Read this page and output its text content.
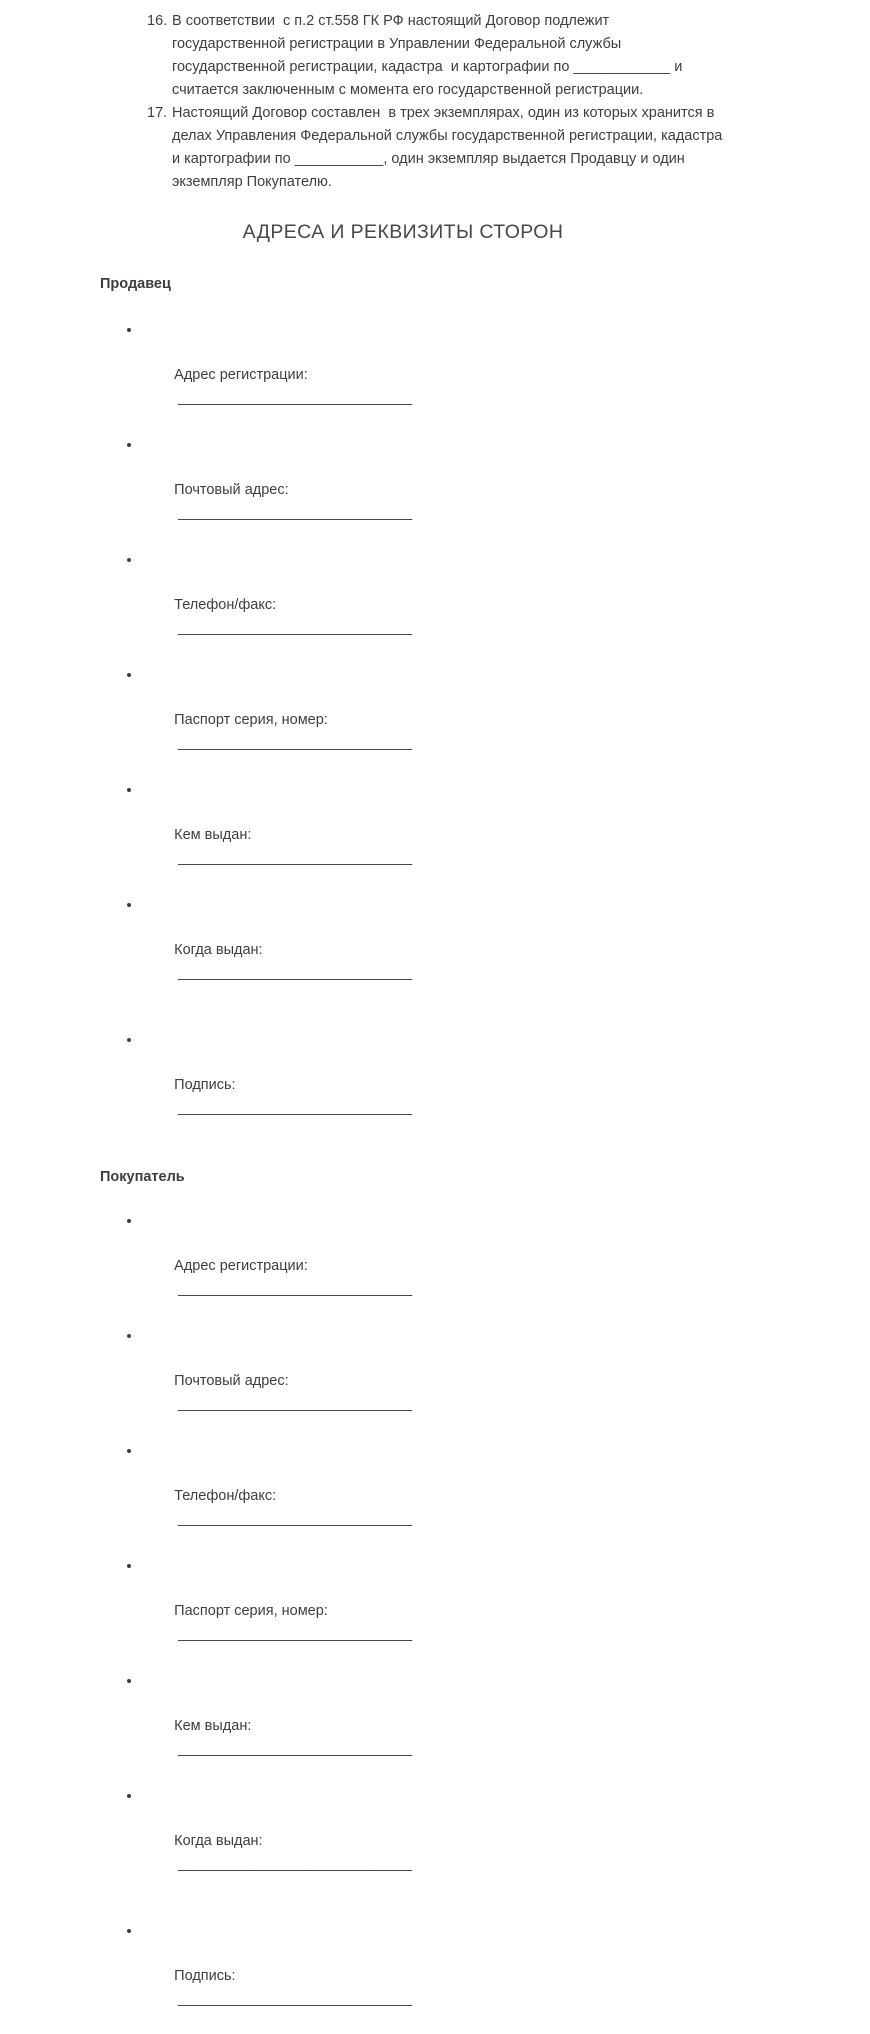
16. В соответствии  с п.2 ст.558 ГК РФ настоящий Договор подлежит
государственной регистрации в Управлении Федеральной службы
государственной регистрации, кадастра  и картографии по ____________ и
считается заключенным с момента его государственной регистрации.
17. Настоящий Договор составлен  в трех экземплярах, один из которых хранится в
делах Управления Федеральной службы государственной регистрации, кадастра
и картографии по ___________, один экземпляр выдается Продавцу и один
экземпляр Покупателю.
АДРЕСА И РЕКВИЗИТЫ СТОРОН
Продавец

Адрес регистрации:
_____________________________

Почтовый адрес:
_____________________________

Телефон/факс:
_____________________________

Паспорт серия, номер:
_____________________________

Кем выдан:
_____________________________

Когда выдан:
_____________________________

Подпись:
_____________________________

Покупатель

Адрес регистрации:
_____________________________

Почтовый адрес:
_____________________________

Телефон/факс:
_____________________________

Паспорт серия, номер:
_____________________________

Кем выдан:
_____________________________

Когда выдан:
_____________________________

Подпись:
_____________________________
